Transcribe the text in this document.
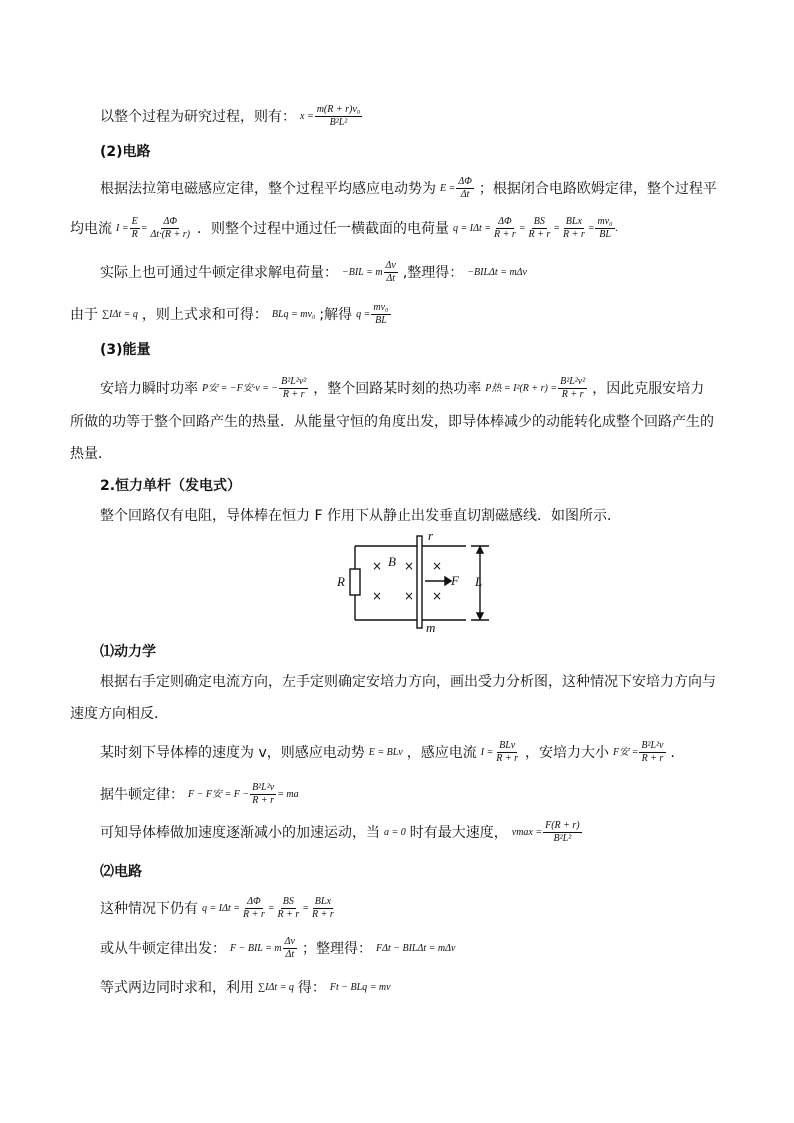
以整个过程为研究过程，则有： $x = \frac{\text{m(R + r)v₀}}{\text{B²L²}}$
(2)电路
根据法拉第电磁感应定律，整个过程平均感应电动势为 $E = \frac{\Delta\Phi}{\Delta t}$ ；根据闭合电路欧姆定律，整个过程平
均电流 $I = \frac{E}{R} = \frac{\Delta\Phi}{\Delta t\cdot(R + r)}$ ．则整个过程中通过任一横截面的电荷量 $q = I\Delta t = \frac{\Delta\Phi}{R + r} = \frac{BS}{R + r} = \frac{\text{BLx}}{R + r} = \frac{\text{mv₀}}{BL}$ .
实际上也可通过牛顿定律求解电荷量： −BIL = m $\frac{\Delta v}{\Delta t}$ ,整理得： −BILΔt = mΔv
由于 ∑IΔt = q ，则上式求和可得： BLq = mv₀ ;解得 $q = \frac{\text{mv₀}}{BL}$
(3)能量
安培力瞬时功率 P安 = −F安·v = − $\frac{\text{B²L²v²}}{R + r}$ ，整个回路某时刻的热功率 P热 = $I^2(R + r) = \frac{\text{B²L²v²}}{R + r}$ ，因此克服安培力
所做的功等于整个回路产生的热量．从能量守恒的角度出发，即导体棒减少的动能转化成整个回路产生的
热量．
2.恒力单杆（发电式）
整个回路仅有电阻，导体棒在恒力 F 作用下从静止出发垂直切割磁感线．如图所示．
r
R
B
F L
m
× × ×
× × ×
⑴动力学
根据右手定则确定电流方向，左手定则确定安培力方向，画出受力分析图，这种情况下安培力方向与
速度方向相反．
某时刻下导体棒的速度为 v，则感应电动势 E = BLv ，感应电流 $I = \frac{\text{BLv}}{R + r}$ ，安培力大小 F安 = $\frac{\text{B²L²v}}{R + r}$ ．
据牛顿定律： F − F安 = $F - \frac{\text{B²L²v}}{R + r}$ = ma
可知导体棒做加速度逐渐减小的加速运动，当 a = 0 时有最大速度， $vmax = \frac{F(R + r)}{\text{B²L²}}$
⑵电路
这种情况下仍有 $q = I\Delta t = \frac{\Delta\Phi}{R + r} = \frac{BS}{R + r} = \frac{\text{BLx}}{R + r}$
或从牛顿定律出发： F − BIL = m $\frac{\Delta v}{\Delta t}$ ；整理得： FΔt − BILΔt = mΔv
等式两边同时求和，利用 ∑IΔt = q 得： Ft − BLq = mv
